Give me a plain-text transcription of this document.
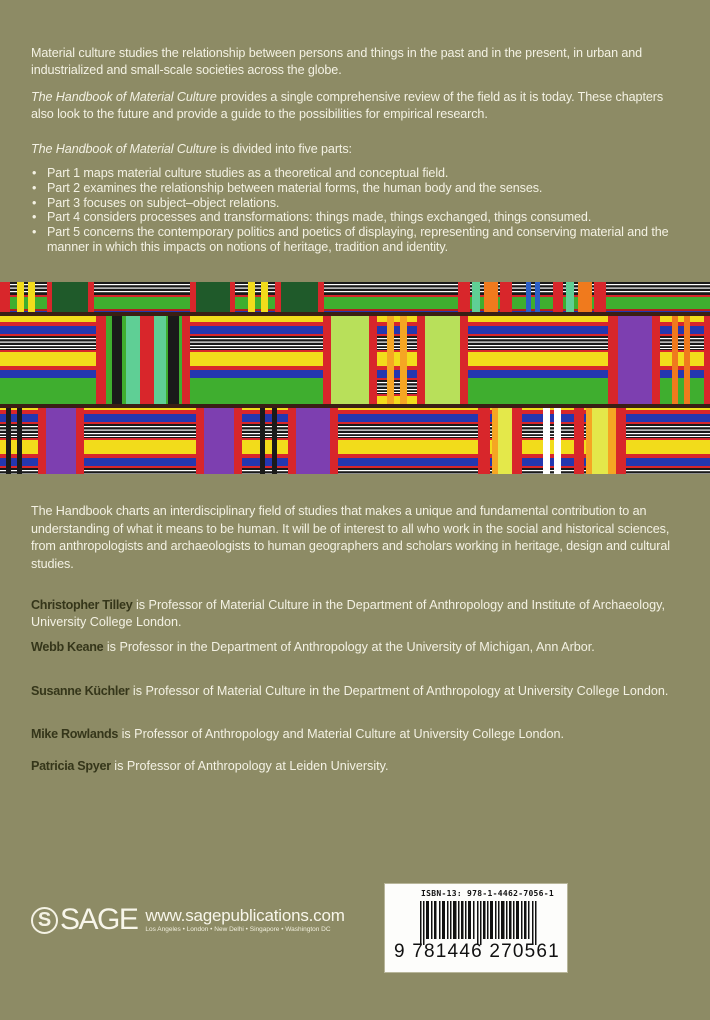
Material culture studies the relationship between persons and things in the past and in the present, in urban and industrialized and small-scale societies across the globe.

The Handbook of Material Culture provides a single comprehensive review of the field as it is today. These chapters also look to the future and provide a guide to the possibilities for empirical research.

The Handbook of Material Culture is divided into five parts:

• Part 1 maps material culture studies as a theoretical and conceptual field.
• Part 2 examines the relationship between material forms, the human body and the senses.
• Part 3 focuses on subject–object relations.
• Part 4 considers processes and transformations: things made, things exchanged, things consumed.
• Part 5 concerns the contemporary politics and poetics of displaying, representing and conserving material and the manner in which this impacts on notions of heritage, tradition and identity.

The Handbook charts an interdisciplinary field of studies that makes a unique and fundamental contribution to an understanding of what it means to be human. It will be of interest to all who work in the social and historical sciences, from anthropologists and archaeologists to human geographers and scholars working in heritage, design and cultural studies.

Christopher Tilley is Professor of Material Culture in the Department of Anthropology and Institute of Archaeology, University College London.
Webb Keane is Professor in the Department of Anthropology at the University of Michigan, Ann Arbor.
Susanne Küchler is Professor of Material Culture in the Department of Anthropology at University College London.
Mike Rowlands is Professor of Anthropology and Material Culture at University College London.
Patricia Spyer is Professor of Anthropology at Leiden University.
S SAGE www.sagepublications.com
Los Angeles • London • New Delhi • Singapore • Washington DC
ISBN-13: 978-1-4462-7056-1
9 781446 270561
